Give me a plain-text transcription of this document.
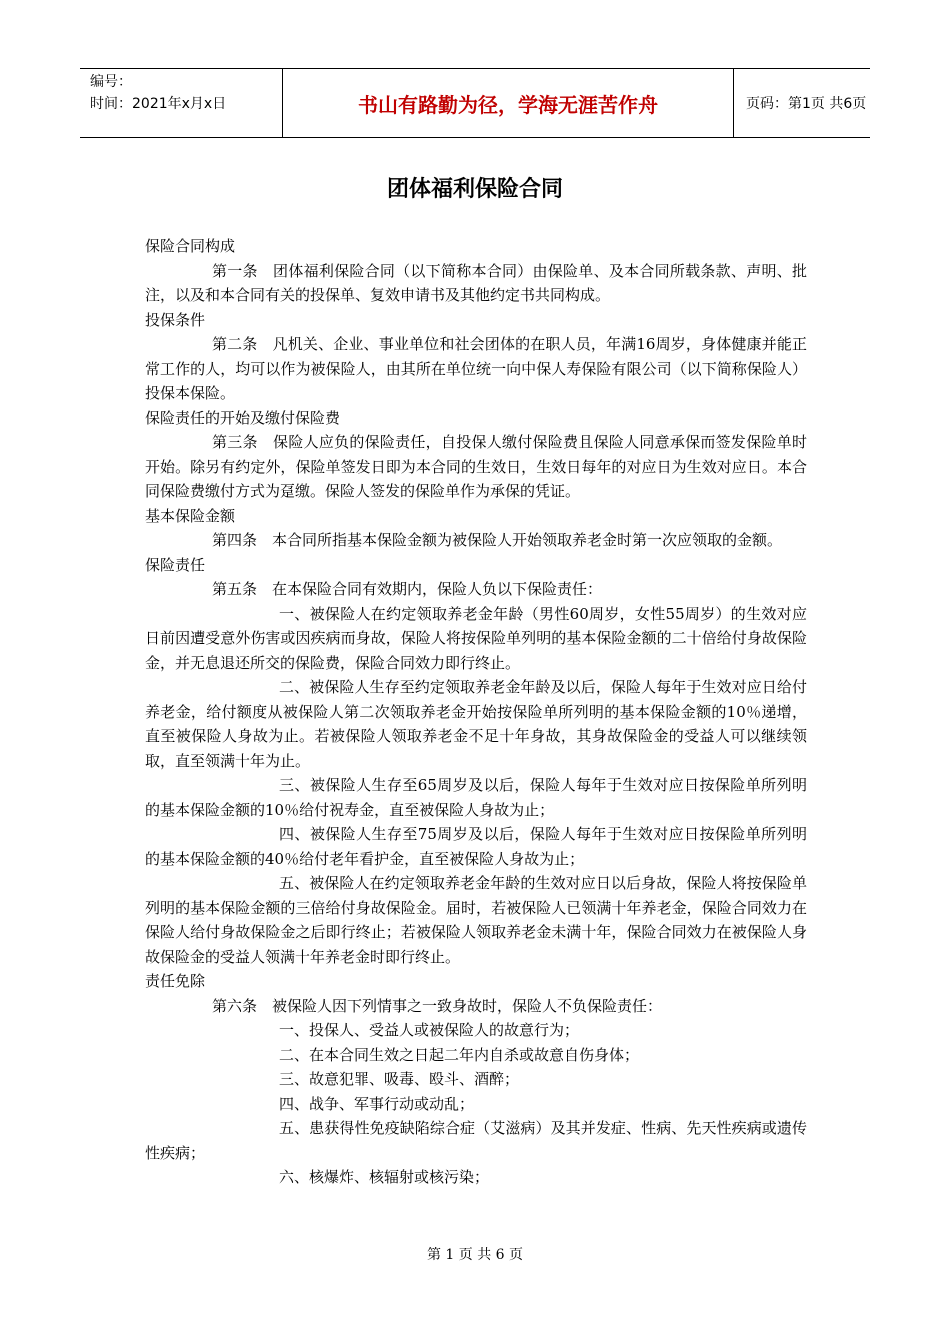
编号：
时间：2021年x月x日	书山有路勤为径，学海无涯苦作舟	页码：第1页 共6页
团体福利保险合同

保险合同构成

第一条　团体福利保险合同（以下简称本合同）由保险单、及本合同所载条款、声明、批注，以及和本合同有关的投保单、复效申请书及其他约定书共同构成。

投保条件

第二条　凡机关、企业、事业单位和社会团体的在职人员，年满16周岁，身体健康并能正常工作的人，均可以作为被保险人，由其所在单位统一向中保人寿保险有限公司（以下简称保险人）投保本保险。

保险责任的开始及缴付保险费

第三条　保险人应负的保险责任，自投保人缴付保险费且保险人同意承保而签发保险单时开始。除另有约定外，保险单签发日即为本合同的生效日，生效日每年的对应日为生效对应日。本合同保险费缴付方式为趸缴。保险人签发的保险单作为承保的凭证。

基本保险金额

第四条　本合同所指基本保险金额为被保险人开始领取养老金时第一次应领取的金额。

保险责任

第五条　在本保险合同有效期内，保险人负以下保险责任：

一、被保险人在约定领取养老金年龄（男性60周岁，女性55周岁）的生效对应日前因遭受意外伤害或因疾病而身故，保险人将按保险单列明的基本保险金额的二十倍给付身故保险金，并无息退还所交的保险费，保险合同效力即行终止。

二、被保险人生存至约定领取养老金年龄及以后，保险人每年于生效对应日给付养老金，给付额度从被保险人第二次领取养老金开始按保险单所列明的基本保险金额的10％递增，直至被保险人身故为止。若被保险人领取养老金不足十年身故，其身故保险金的受益人可以继续领取，直至领满十年为止。

三、被保险人生存至65周岁及以后，保险人每年于生效对应日按保险单所列明的基本保险金额的10％给付祝寿金，直至被保险人身故为止；

四、被保险人生存至75周岁及以后，保险人每年于生效对应日按保险单所列明的基本保险金额的40％给付老年看护金，直至被保险人身故为止；

五、被保险人在约定领取养老金年龄的生效对应日以后身故，保险人将按保险单列明的基本保险金额的三倍给付身故保险金。届时，若被保险人已领满十年养老金，保险合同效力在保险人给付身故保险金之后即行终止；若被保险人领取养老金未满十年，保险合同效力在被保险人身故保险金的受益人领满十年养老金时即行终止。

责任免除

第六条　被保险人因下列情事之一致身故时，保险人不负保险责任：

一、投保人、受益人或被保险人的故意行为；

二、在本合同生效之日起二年内自杀或故意自伤身体；

三、故意犯罪、吸毒、殴斗、酒醉；

四、战争、军事行动或动乱；

五、患获得性免疫缺陷综合症（艾滋病）及其并发症、性病、先天性疾病或遗传性疾病；

六、核爆炸、核辐射或核污染；

第 1 页 共 6 页
